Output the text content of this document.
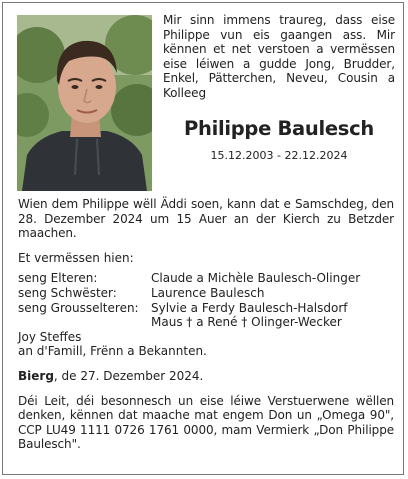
Mir sinn immens traureg, dass eise Philippe vun eis gaangen ass. Mir kënnen et net verstoen a vermëssen eise léiwen a gudde Jong, Brudder, Enkel, Pätterchen, Neveu, Cousin a Kolleeg
Philippe Baulesch
15.12.2003 - 22.12.2024

Wien dem Philippe wëll Äddi soen, kann dat e Samschdeg, den 28. Dezember 2024 um 15 Auer an der Kierch zu Betzder maachen.

Et vermëssen hien:

seng Elteren:	Claude a Michèle Baulesch-Olinger
seng Schwëster:	Laurence Baulesch
seng Grousselteren:	Sylvie a Ferdy Baulesch-Halsdorf
Maus † a René † Olinger-Wecker

Joy Steffes

an d'Famill, Frënn a Bekannten.

Bierg, de 27. Dezember 2024.

Déi Leit, déi besonnesch un eise léiwe Verstuerwene wëllen denken, kënnen dat maache mat engem Don un „Omega 90", CCP LU49 1111 0726 1761 0000, mam Vermierk „Don Philippe Baulesch".
